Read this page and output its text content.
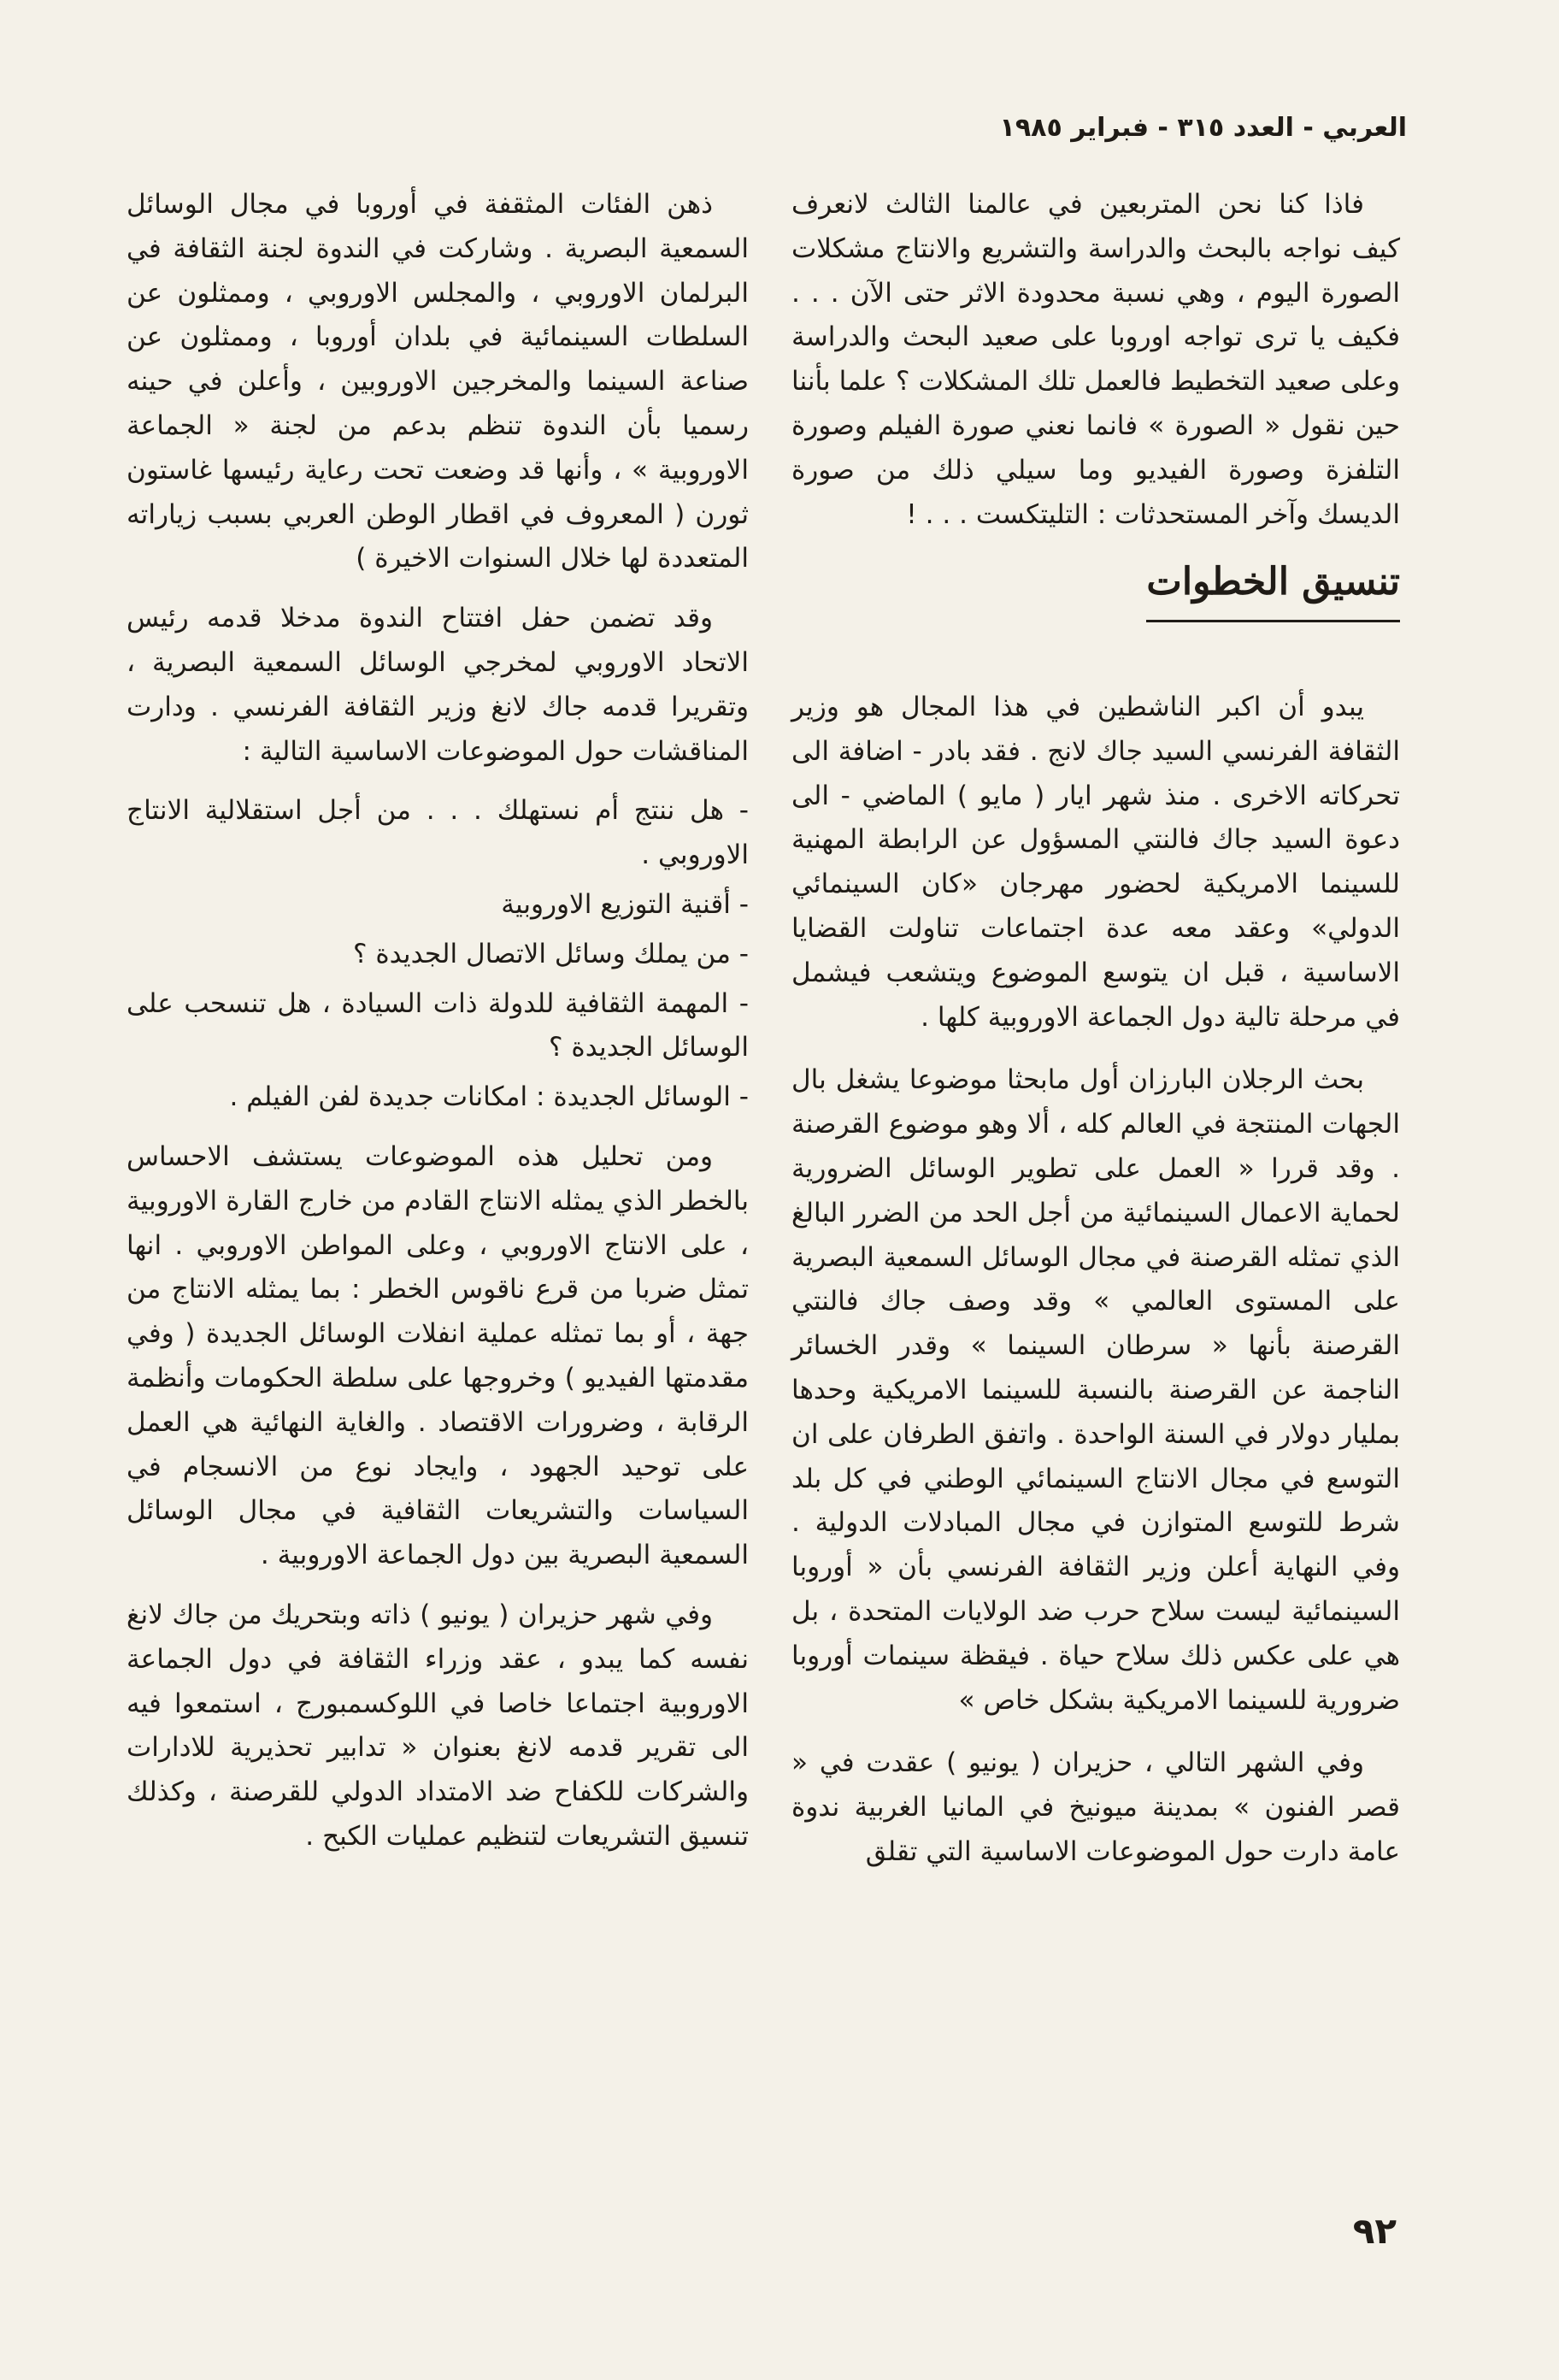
العربي - العدد ٣١٥ - فبراير ١٩٨٥

فاذا كنا نحن المتربعين في عالمنا الثالث لانعرف كيف نواجه بالبحث والدراسة والتشريع والانتاج مشكلات الصورة اليوم ، وهي نسبة محدودة الاثر حتى الآن . . . فكيف يا ترى تواجه اوروبا على صعيد البحث والدراسة وعلى صعيد التخطيط فالعمل تلك المشكلات ؟ علما بأننا حين نقول « الصورة » فانما نعني صورة الفيلم وصورة التلفزة وصورة الفيديو وما سيلي ذلك من صورة الديسك وآخر المستحدثات : التليتكست . . . !

تنسيق الخطوات

يبدو أن اكبر الناشطين في هذا المجال هو وزير الثقافة الفرنسي السيد جاك لانج . فقد بادر - اضافة الى تحركاته الاخرى . منذ شهر ايار ( مايو ) الماضي - الى دعوة السيد جاك فالنتي المسؤول عن الرابطة المهنية للسينما الامريكية لحضور مهرجان «كان السينمائي الدولي» وعقد معه عدة اجتماعات تناولت القضايا الاساسية ، قبل ان يتوسع الموضوع ويتشعب فيشمل في مرحلة تالية دول الجماعة الاوروبية كلها .

بحث الرجلان البارزان أول مابحثا موضوعا يشغل بال الجهات المنتجة في العالم كله ، ألا وهو موضوع القرصنة . وقد قررا « العمل على تطوير الوسائل الضرورية لحماية الاعمال السينمائية من أجل الحد من الضرر البالغ الذي تمثله القرصنة في مجال الوسائل السمعية البصرية على المستوى العالمي » وقد وصف جاك فالنتي القرصنة بأنها « سرطان السينما » وقدر الخسائر الناجمة عن القرصنة بالنسبة للسينما الامريكية وحدها بمليار دولار في السنة الواحدة . واتفق الطرفان على ان التوسع في مجال الانتاج السينمائي الوطني في كل بلد شرط للتوسع المتوازن في مجال المبادلات الدولية . وفي النهاية أعلن وزير الثقافة الفرنسي بأن « أوروبا السينمائية ليست سلاح حرب ضد الولايات المتحدة ، بل هي على عكس ذلك سلاح حياة . فيقظة سينمات أوروبا ضرورية للسينما الامريكية بشكل خاص »

وفي الشهر التالي ، حزيران ( يونيو ) عقدت في « قصر الفنون » بمدينة ميونيخ في المانيا الغربية ندوة عامة دارت حول الموضوعات الاساسية التي تقلق

ذهن الفئات المثقفة في أوروبا في مجال الوسائل السمعية البصرية . وشاركت في الندوة لجنة الثقافة في البرلمان الاوروبي ، والمجلس الاوروبي ، وممثلون عن السلطات السينمائية في بلدان أوروبا ، وممثلون عن صناعة السينما والمخرجين الاوروبين ، وأعلن في حينه رسميا بأن الندوة تنظم بدعم من لجنة « الجماعة الاوروبية » ، وأنها قد وضعت تحت رعاية رئيسها غاستون ثورن ( المعروف في اقطار الوطن العربي بسبب زياراته المتعددة لها خلال السنوات الاخيرة )

وقد تضمن حفل افتتاح الندوة مدخلا قدمه رئيس الاتحاد الاوروبي لمخرجي الوسائل السمعية البصرية ، وتقريرا قدمه جاك لانغ وزير الثقافة الفرنسي . ودارت المناقشات حول الموضوعات الاساسية التالية :

- هل ننتج أم نستهلك . . . من أجل استقلالية الانتاج الاوروبي .
- أقنية التوزيع الاوروبية
- من يملك وسائل الاتصال الجديدة ؟
- المهمة الثقافية للدولة ذات السيادة ، هل تنسحب على الوسائل الجديدة ؟
- الوسائل الجديدة : امكانات جديدة لفن الفيلم .

ومن تحليل هذه الموضوعات يستشف الاحساس بالخطر الذي يمثله الانتاج القادم من خارج القارة الاوروبية ، على الانتاج الاوروبي ، وعلى المواطن الاوروبي . انها تمثل ضربا من قرع ناقوس الخطر : بما يمثله الانتاج من جهة ، أو بما تمثله عملية انفلات الوسائل الجديدة ( وفي مقدمتها الفيديو ) وخروجها على سلطة الحكومات وأنظمة الرقابة ، وضرورات الاقتصاد . والغاية النهائية هي العمل على توحيد الجهود ، وايجاد نوع من الانسجام في السياسات والتشريعات الثقافية في مجال الوسائل السمعية البصرية بين دول الجماعة الاوروبية .

وفي شهر حزيران ( يونيو ) ذاته وبتحريك من جاك لانغ نفسه كما يبدو ، عقد وزراء الثقافة في دول الجماعة الاوروبية اجتماعا خاصا في اللوكسمبورج ، استمعوا فيه الى تقرير قدمه لانغ بعنوان « تدابير تحذيرية للادارات والشركات للكفاح ضد الامتداد الدولي للقرصنة ، وكذلك تنسيق التشريعات لتنظيم عمليات الكبح .

٩٢
